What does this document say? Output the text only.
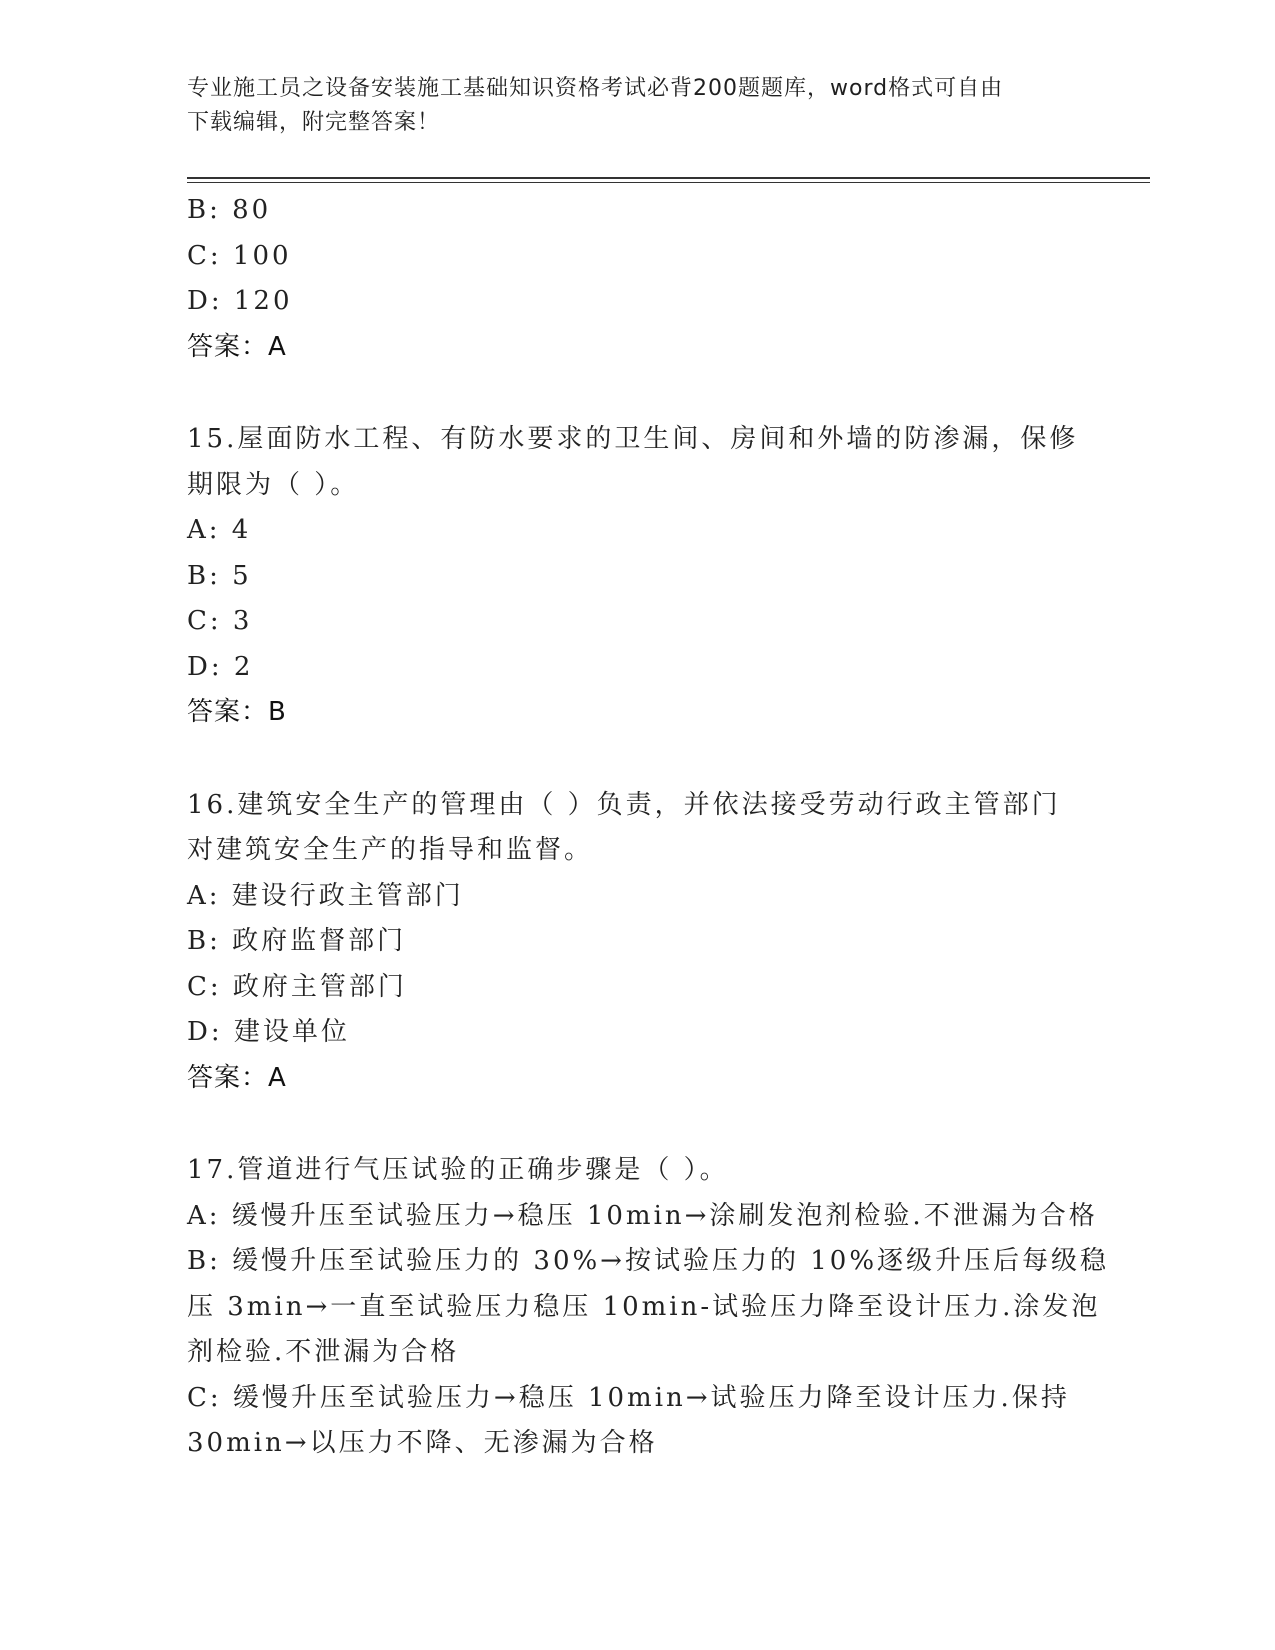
专业施工员之设备安装施工基础知识资格考试必背200题题库，word格式可自由
下载编辑，附完整答案！
B: 80
C: 100
D: 120
答案：A
15.屋面防水工程、有防水要求的卫生间、房间和外墙的防渗漏，保修
期限为（ ）。
A: 4
B: 5
C: 3
D: 2
答案：B
16.建筑安全生产的管理由（ ）负责，并依法接受劳动行政主管部门
对建筑安全生产的指导和监督。
A: 建设行政主管部门
B: 政府监督部门
C: 政府主管部门
D: 建设单位
答案：A
17.管道进行气压试验的正确步骤是（ ）。
A: 缓慢升压至试验压力→稳压 10min→涂刷发泡剂检验.不泄漏为合格
B: 缓慢升压至试验压力的 30%→按试验压力的 10%逐级升压后每级稳
压 3min→一直至试验压力稳压 10min-试验压力降至设计压力.涂发泡
剂检验.不泄漏为合格
C: 缓慢升压至试验压力→稳压 10min→试验压力降至设计压力.保持
30min→以压力不降、无渗漏为合格
